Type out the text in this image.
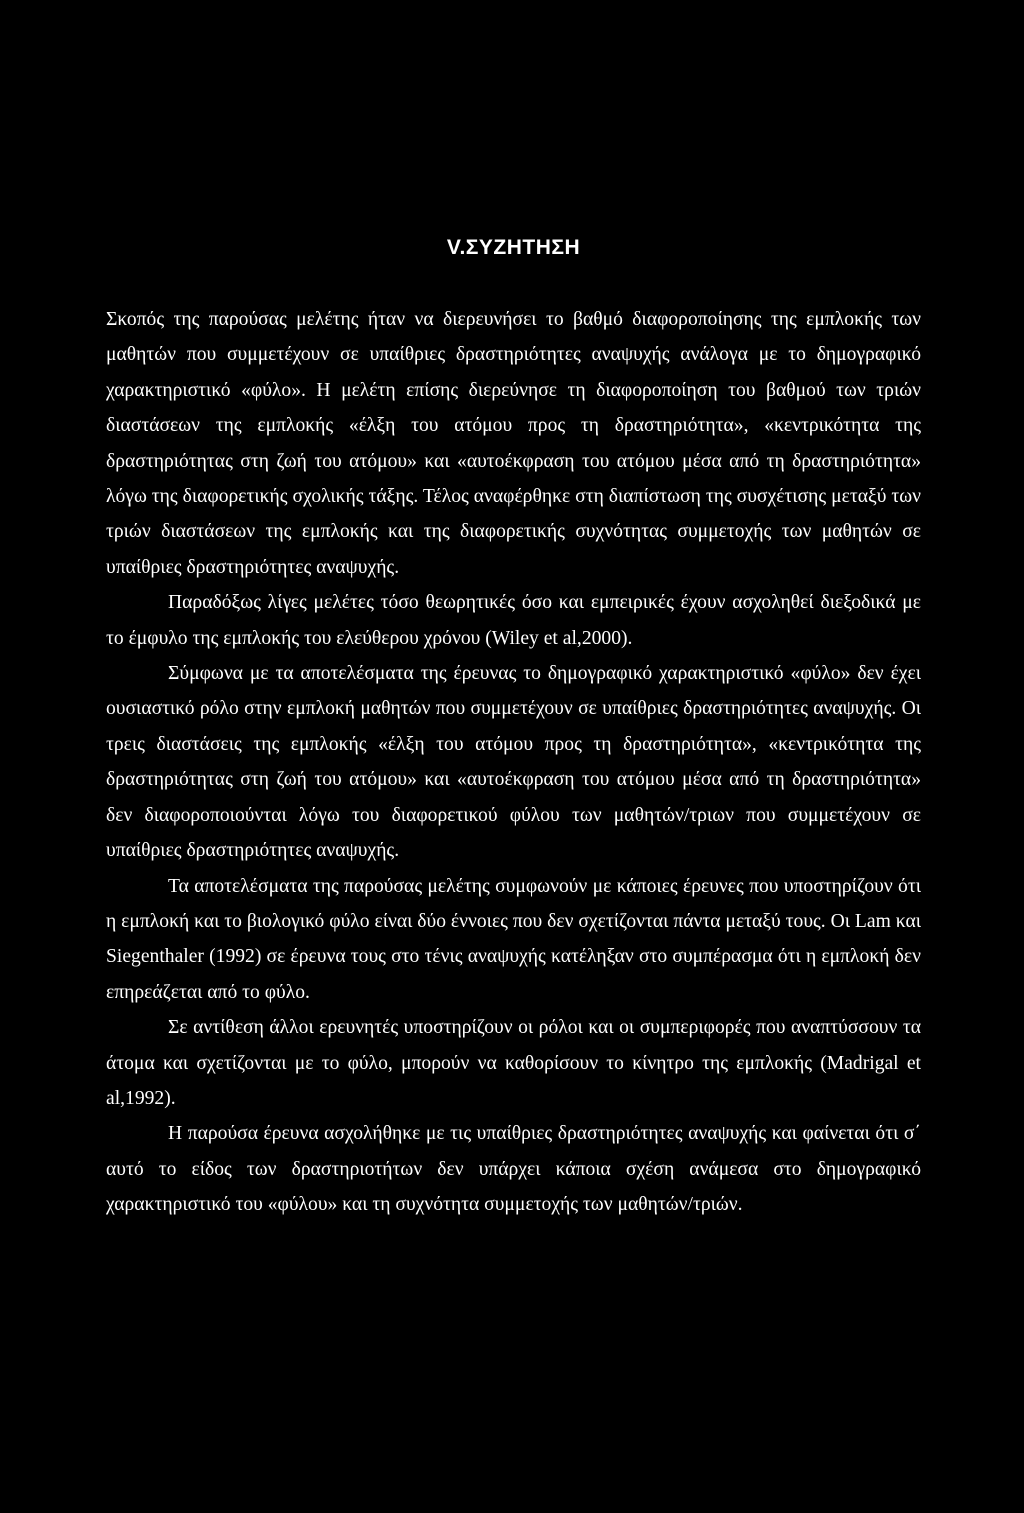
V.ΣΥΖΗΤΗΣΗ

Σκοπός της παρούσας μελέτης ήταν να διερευνήσει το βαθμό διαφοροποίησης της εμπλοκής των μαθητών που συμμετέχουν σε υπαίθριες δραστηριότητες αναψυχής ανάλογα με το δημογραφικό χαρακτηριστικό «φύλο». Η μελέτη επίσης διερεύνησε τη διαφοροποίηση του βαθμού των τριών διαστάσεων της εμπλοκής «έλξη του ατόμου προς τη δραστηριότητα», «κεντρικότητα της δραστηριότητας στη ζωή του ατόμου» και «αυτοέκφραση του ατόμου μέσα από τη δραστηριότητα» λόγω της διαφορετικής σχολικής τάξης. Τέλος αναφέρθηκε στη διαπίστωση της συσχέτισης μεταξύ των τριών διαστάσεων της εμπλοκής και της διαφορετικής συχνότητας συμμετοχής των μαθητών σε υπαίθριες δραστηριότητες αναψυχής.

Παραδόξως λίγες μελέτες τόσο θεωρητικές όσο και εμπειρικές έχουν ασχοληθεί διεξοδικά με το έμφυλο της εμπλοκής του ελεύθερου χρόνου (Wiley et al,2000).

Σύμφωνα με τα αποτελέσματα της έρευνας το δημογραφικό χαρακτηριστικό «φύλο» δεν έχει ουσιαστικό ρόλο στην εμπλοκή μαθητών που συμμετέχουν σε υπαίθριες δραστηριότητες αναψυχής. Οι τρεις διαστάσεις της εμπλοκής «έλξη του ατόμου προς τη δραστηριότητα», «κεντρικότητα της δραστηριότητας στη ζωή του ατόμου» και «αυτοέκφραση του ατόμου μέσα από τη δραστηριότητα» δεν διαφοροποιούνται λόγω του διαφορετικού φύλου των μαθητών/τριων που συμμετέχουν σε υπαίθριες δραστηριότητες αναψυχής.

Τα αποτελέσματα της παρούσας μελέτης συμφωνούν με κάποιες έρευνες που υποστηρίζουν ότι η εμπλοκή και το βιολογικό φύλο είναι δύο έννοιες που δεν σχετίζονται πάντα μεταξύ τους. Οι Lam και Siegenthaler (1992) σε έρευνα τους στο τένις αναψυχής κατέληξαν στο συμπέρασμα ότι η εμπλοκή δεν επηρεάζεται από το φύλο.

Σε αντίθεση άλλοι ερευνητές υποστηρίζουν οι ρόλοι και οι συμπεριφορές που αναπτύσσουν τα άτομα και σχετίζονται με το φύλο, μπορούν να καθορίσουν το κίνητρο της εμπλοκής (Madrigal et al,1992).

Η παρούσα έρευνα ασχολήθηκε με τις υπαίθριες δραστηριότητες αναψυχής και φαίνεται ότι σ΄ αυτό το είδος των δραστηριοτήτων δεν υπάρχει κάποια σχέση ανάμεσα στο δημογραφικό χαρακτηριστικό του «φύλου» και τη συχνότητα συμμετοχής των μαθητών/τριών.
